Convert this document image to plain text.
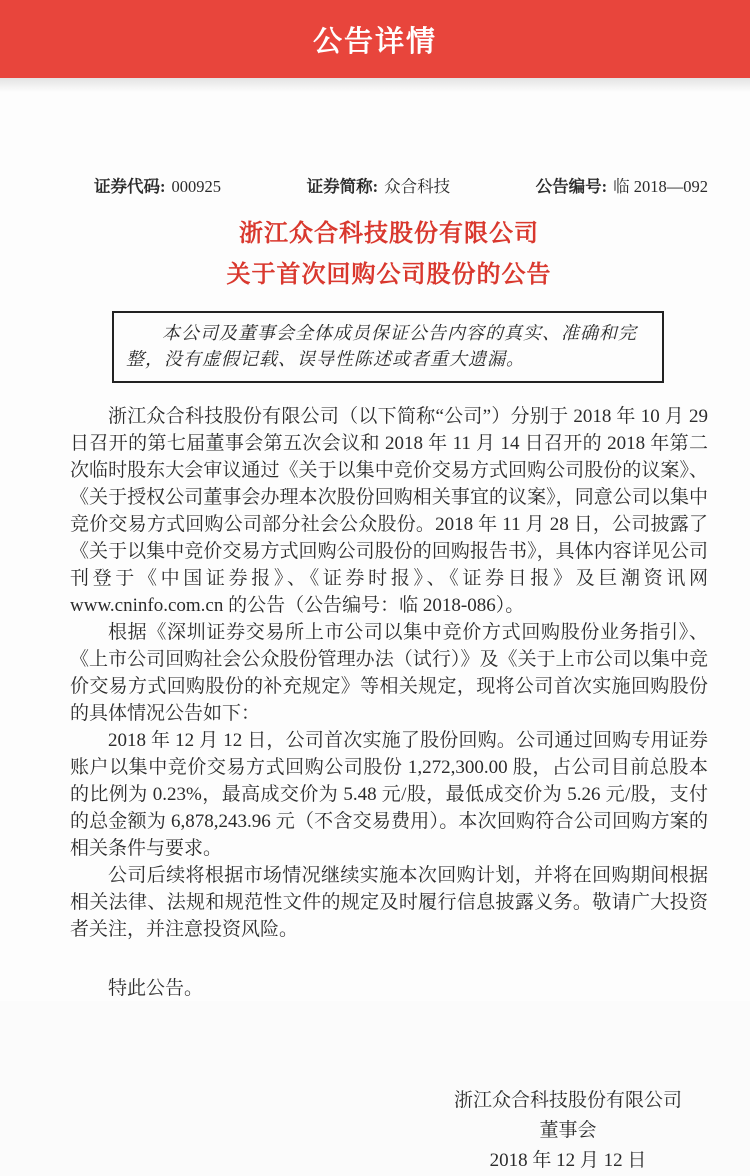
公告详情
证券代码: 000925	证券简称: 众合科技	公告编号: 临 2018—092
浙江众合科技股份有限公司
关于首次回购公司股份的公告
本公司及董事会全体成员保证公告内容的真实、准确和完整，没有虚假记载、误导性陈述或者重大遗漏。

浙江众合科技股份有限公司（以下简称“公司”）分别于 2018 年 10 月 29 日召开的第七届董事会第五次会议和 2018 年 11 月 14 日召开的 2018 年第二次临时股东大会审议通过《关于以集中竞价交易方式回购公司股份的议案》、《关于授权公司董事会办理本次股份回购相关事宜的议案》，同意公司以集中竞价交易方式回购公司部分社会公众股份。2018 年 11 月 28 日，公司披露了《关于以集中竞价交易方式回购公司股份的回购报告书》，具体内容详见公司刊登于《中国证券报》、《证券时报》、《证券日报》及巨潮资讯网 www.cninfo.com.cn 的公告（公告编号：临 2018-086）。

根据《深圳证券交易所上市公司以集中竞价方式回购股份业务指引》、《上市公司回购社会公众股份管理办法（试行）》及《关于上市公司以集中竞价交易方式回购股份的补充规定》等相关规定，现将公司首次实施回购股份的具体情况公告如下：

2018 年 12 月 12 日，公司首次实施了股份回购。公司通过回购专用证券账户以集中竞价交易方式回购公司股份 1,272,300.00 股，占公司目前总股本的比例为 0.23%，最高成交价为 5.48 元/股，最低成交价为 5.26 元/股，支付的总金额为 6,878,243.96 元（不含交易费用）。本次回购符合公司回购方案的相关条件与要求。

公司后续将根据市场情况继续实施本次回购计划，并将在回购期间根据相关法律、法规和规范性文件的规定及时履行信息披露义务。敬请广大投资者关注，并注意投资风险。

特此公告。
浙江众合科技股份有限公司
董事会
2018 年 12 月 12 日
